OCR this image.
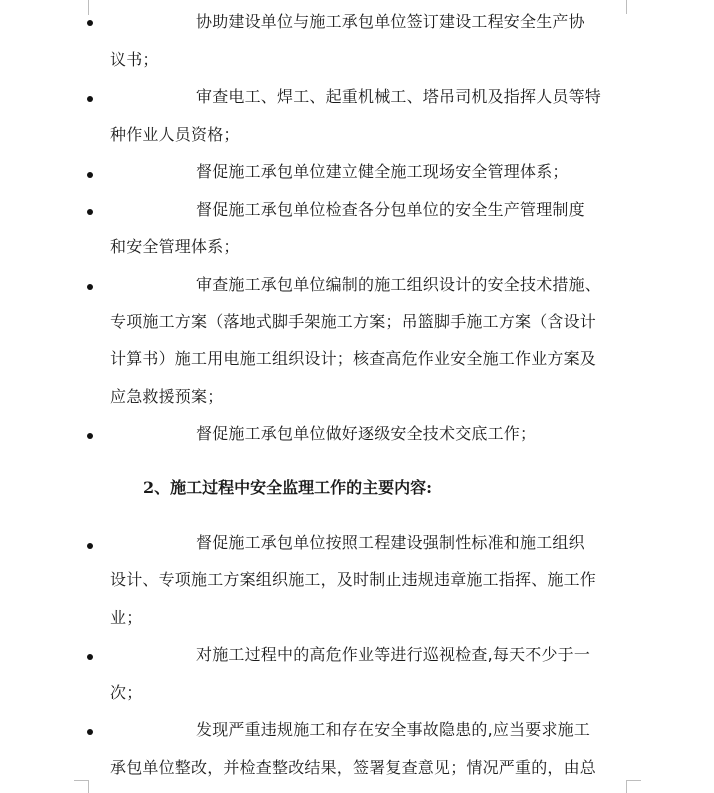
协助建设单位与施工承包单位签订建设工程安全生产协
议书；
审查电工、焊工、起重机械工、塔吊司机及指挥人员等特
种作业人员资格；
督促施工承包单位建立健全施工现场安全管理体系；
督促施工承包单位检查各分包单位的安全生产管理制度
和安全管理体系；
审查施工承包单位编制的施工组织设计的安全技术措施、
专项施工方案（落地式脚手架施工方案；吊篮脚手施工方案（含设计
计算书）施工用电施工组织设计；核查高危作业安全施工作业方案及
应急救援预案；
督促施工承包单位做好逐级安全技术交底工作；
2、施工过程中安全监理工作的主要内容:
督促施工承包单位按照工程建设强制性标准和施工组织
设计、专项施工方案组织施工，及时制止违规违章施工指挥、施工作
业；
对施工过程中的高危作业等进行巡视检查,每天不少于一
次；
发现严重违规施工和存在安全事故隐患的,应当要求施工
承包单位整改，并检查整改结果，签署复查意见；情况严重的，由总
